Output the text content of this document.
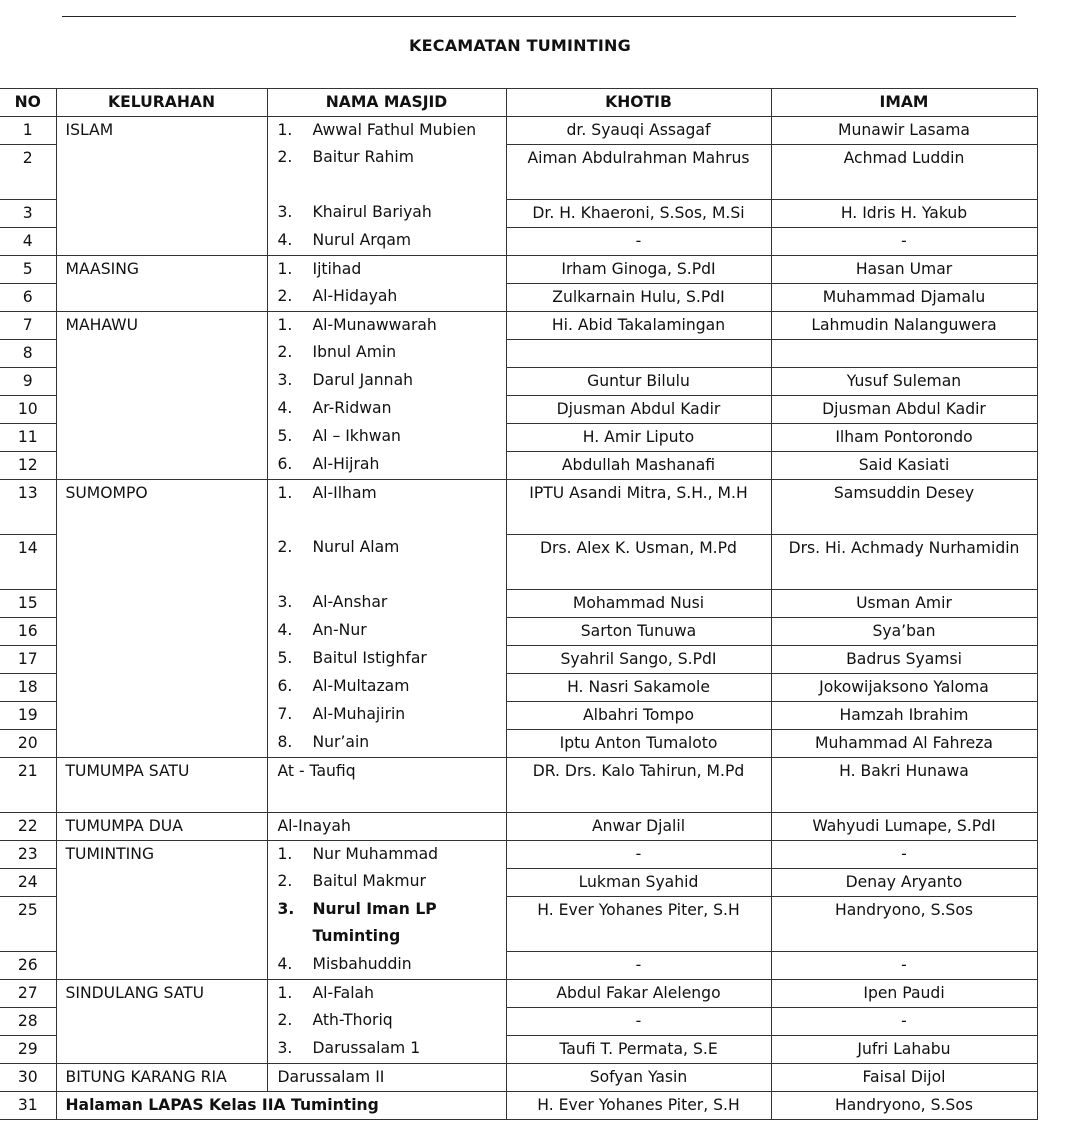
KECAMATAN TUMINTING
NO	KELURAHAN	NAMA MASJID	KHOTIB	IMAM
1	ISLAM	1. Awwal Fathul Mubien	dr. Syauqi Assagaf	Munawir Lasama
2		2. Baitur Rahim	Aiman Abdulrahman Mahrus	Achmad Luddin
3		3. Khairul Bariyah	Dr. H. Khaeroni, S.Sos, M.Si	H. Idris H. Yakub
4		4. Nurul Arqam	-	-
5	MAASING	1. Ijtihad	Irham Ginoga, S.PdI	Hasan Umar
6		2. Al-Hidayah	Zulkarnain Hulu, S.PdI	Muhammad Djamalu
7	MAHAWU	1. Al-Munawwarah	Hi. Abid Takalamingan	Lahmudin Nalanguwera
8		2. Ibnul Amin		
9		3. Darul Jannah	Guntur Bilulu	Yusuf Suleman
10		4. Ar-Ridwan	Djusman Abdul Kadir	Djusman Abdul Kadir
11		5. Al – Ikhwan	H. Amir Liputo	Ilham Pontorondo
12		6. Al-Hijrah	Abdullah Mashanafi	Said Kasiati
13	SUMOMPO	1. Al-Ilham	IPTU Asandi Mitra, S.H., M.H	Samsuddin Desey
14		2. Nurul Alam	Drs. Alex K. Usman, M.Pd	Drs. Hi. Achmady Nurhamidin
15		3. Al-Anshar	Mohammad Nusi	Usman Amir
16		4. An-Nur	Sarton Tunuwa	Sya’ban
17		5. Baitul Istighfar	Syahril Sango, S.PdI	Badrus Syamsi
18		6. Al-Multazam	H. Nasri Sakamole	Jokowijaksono Yaloma
19		7. Al-Muhajirin	Albahri Tompo	Hamzah Ibrahim
20		8. Nur’ain	Iptu Anton Tumaloto	Muhammad Al Fahreza
21	TUMUMPA SATU	At - Taufiq	DR. Drs. Kalo Tahirun, M.Pd	H. Bakri Hunawa
22	TUMUMPA DUA	Al-Inayah	Anwar Djalil	Wahyudi Lumape, S.PdI
23	TUMINTING	1. Nur Muhammad	-	-
24		2. Baitul Makmur	Lukman Syahid	Denay Aryanto
25		3. Nurul Iman LP Tuminting	H. Ever Yohanes Piter, S.H	Handryono, S.Sos
26		4. Misbahuddin	-	-
27	SINDULANG SATU	1. Al-Falah	Abdul Fakar Alelengo	Ipen Paudi
28		2. Ath-Thoriq	-	-
29		3. Darussalam 1	Taufi T. Permata, S.E	Jufri Lahabu
30	BITUNG KARANG RIA	Darussalam II	Sofyan Yasin	Faisal Dijol
31	Halaman LAPAS Kelas IIA Tuminting		H. Ever Yohanes Piter, S.H	Handryono, S.Sos
